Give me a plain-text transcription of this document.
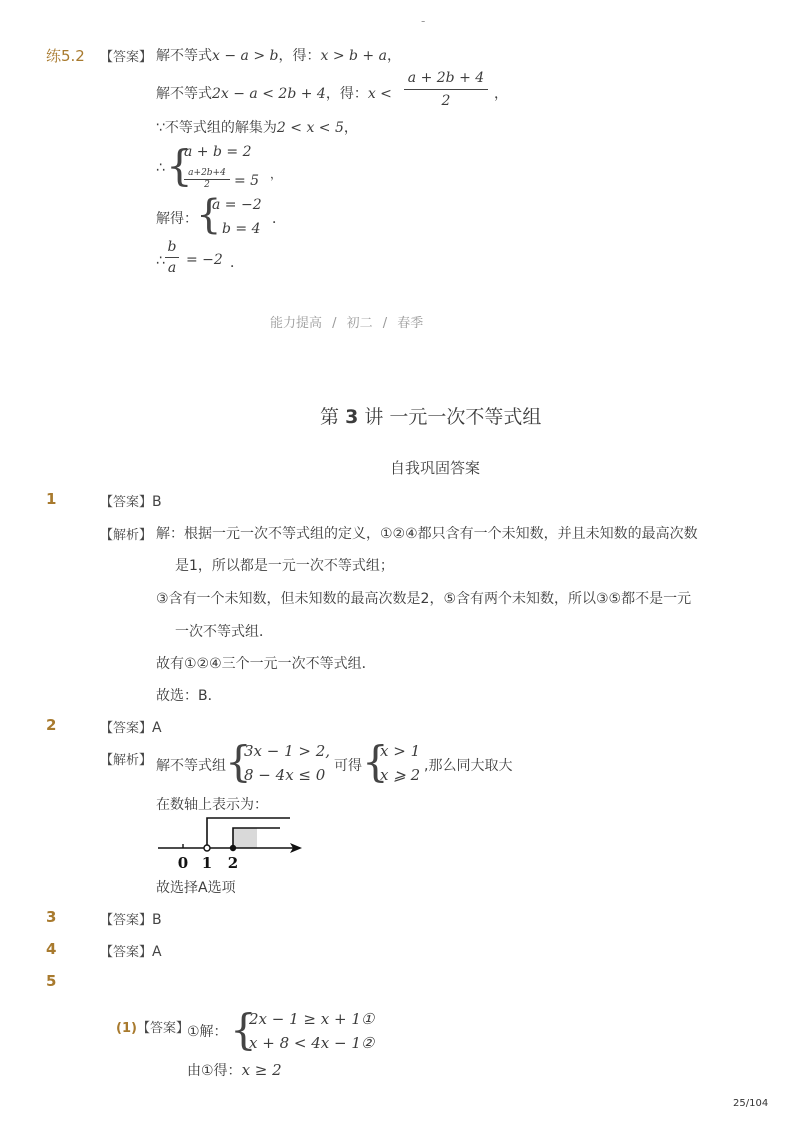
-
练5.2 【答案】 解不等式x − a > b，得：x > b + a，
解不等式2x − a < 2b + 4，得：$x < \frac{a + 2b + 4}{2}$ ，
∵不等式组的解集为2 < x < 5，
∴ {
a + b = 2
$\frac{a+2b+4}{2} = 5$ ，
解得：
{
a = −2
b = 4
．
∴ $\frac{b}{a} = -2$ ．
能力提高 / 初二 / 春季
第 3 讲 一元一次不等式组
自我巩固答案
1	【答案】B
【解析】 解：根据一元一次不等式组的定义，①②④都只含有一个未知数，并且未知数的最高次数
是1，所以都是一元一次不等式组；
③含有一个未知数，但未知数的最高次数是2，⑤含有两个未知数，所以③⑤都不是一元
一次不等式组．
故有①②④三个一元一次不等式组．
故选：B．
2	【答案】A
【解析】 解不等式组 {
3x − 1 > 2,
8 − 4x ≤ 0 可得 {
x > 1
x ⩾ 2 ,那么同大取大
在数轴上表示为：
0 1 2
故选择A选项
3	【答案】B
4	【答案】A
5
(1)【答案】
①解： {
2x − 1 ≥ x + 1①
x + 8 < 4x − 1②
由①得：x ≥ 2
25/104
